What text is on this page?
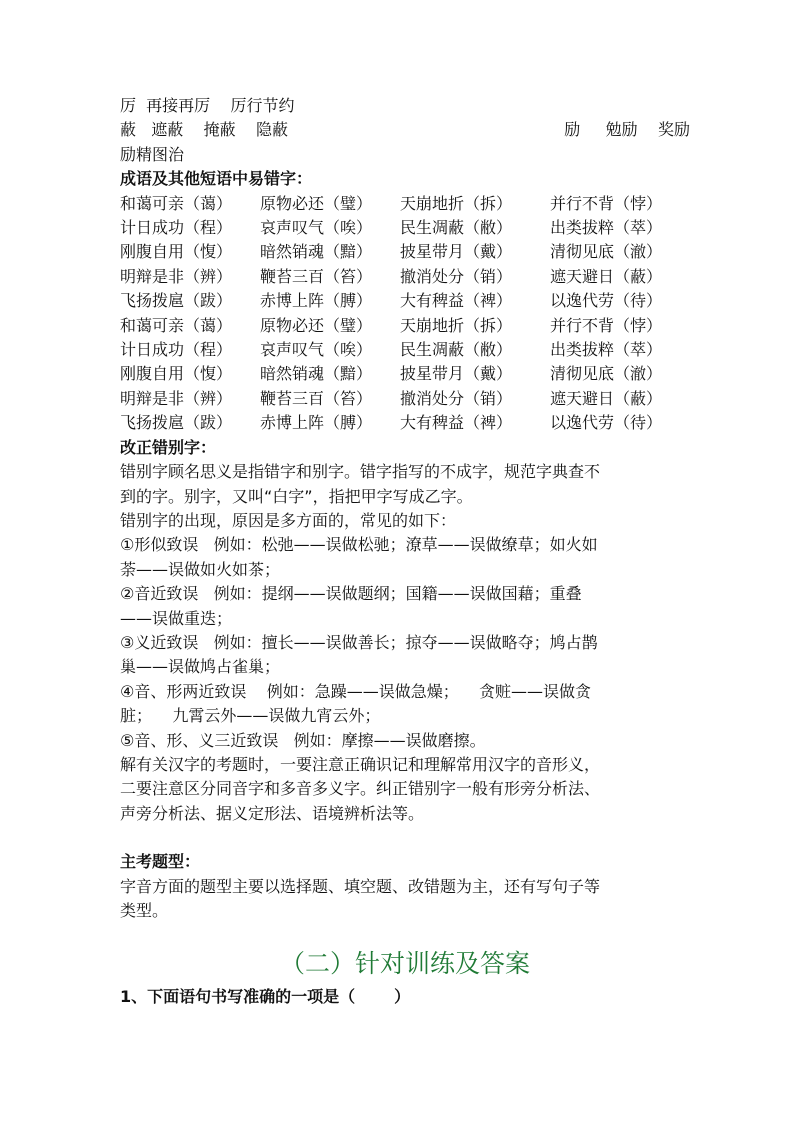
厉  再接再厉    厉行节约
蔽   遮蔽    掩蔽    隐蔽	励     勉励    奖励
励精图治
成语及其他短语中易错字：
和蔼可亲（蔼）	原物必还（璧）	天崩地折（拆）	并行不背（悖）
计日成功（程）	哀声叹气（唉）	民生凋蔽（敝）	出类拔粹（萃）
刚腹自用（愎）	暗然销魂（黯）	披星带月（戴）	清彻见底（澈）
明辩是非（辨）	鞭苔三百（笞）	撤消处分（销）	遮天避日（蔽）
飞扬拨扈（跋）	赤博上阵（膊）	大有稗益（裨）	以逸代劳（待）
和蔼可亲（蔼）	原物必还（璧）	天崩地折（拆）	并行不背（悖）
计日成功（程）	哀声叹气（唉）	民生凋蔽（敝）	出类拔粹（萃）
刚腹自用（愎）	暗然销魂（黯）	披星带月（戴）	清彻见底（澈）
明辩是非（辨）	鞭苔三百（笞）	撤消处分（销）	遮天避日（蔽）
飞扬拨扈（跋）	赤博上阵（膊）	大有稗益（裨）	以逸代劳（待）
改正错别字：
错别字顾名思义是指错字和别字。错字指写的不成字，规范字典查不
到的字。别字，又叫“白字”，指把甲字写成乙字。
错别字的出现，原因是多方面的，常见的如下：
①形似致误   例如：松弛——误做松驰；潦草——误做缭草；如火如
荼——误做如火如茶；
②音近致误   例如：提纲——误做题纲；国籍——误做国藉；重叠
——误做重迭；
③义近致误   例如：擅长——误做善长；掠夺——误做略夺；鸠占鹊
巢——误做鸠占雀巢；
④音、形两近致误    例如：急躁——误做急燥；    贪赃——误做贪
脏；    九霄云外——误做九宵云外；
⑤音、形、义三近致误   例如：摩擦——误做磨擦。
解有关汉字的考题时，一要注意正确识记和理解常用汉字的音形义，
二要注意区分同音字和多音多义字。纠正错别字一般有形旁分析法、
声旁分析法、据义定形法、语境辨析法等。
主考题型：
字音方面的题型主要以选择题、填空题、改错题为主，还有写句子等
类型。
（二）针对训练及答案
1、下面语句书写准确的一项是（       ）
